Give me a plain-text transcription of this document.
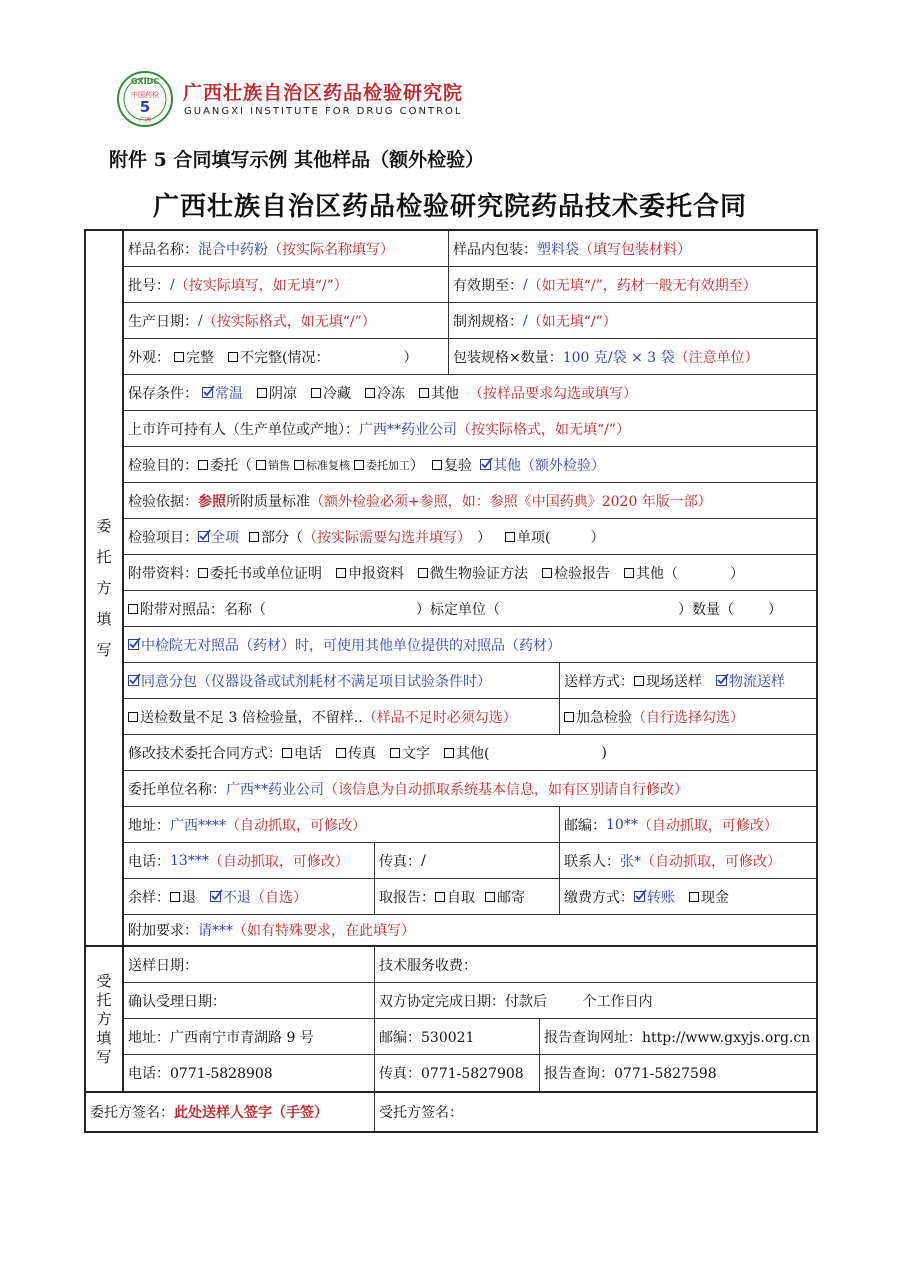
GXIDC
中国药检
5
广西
广西壮族自治区药品检验研究院
GUANGXI INSTITUTE FOR DRUG CONTROL
附件 5 合同填写示例 其他样品（额外检验）
广西壮族自治区药品检验研究院药品技术委托合同
委
托
方
填
写
样品名称： 混合中药粉 （按实际名称填写）	样品内包装： 塑料袋 （填写包装材料）
批号： / （按实际填写，如无填“/”）	有效期至： / （如无填“/”，药材一般无有效期至）
生产日期： / （按实际格式，如无填“/”）	制剂规格： / （如无填“/”）
外观： 完整 不完整(情况：	）	包装规格×数量： 100 克/袋 × 3 袋 （注意单位）
保存条件： 常温 阴凉 冷藏 冷冻 其他 （按样品要求勾选或填写）
上市许可持有人（生产单位或产地）： 广西**药业公司 （按实际格式，如无填“/”）
检验目的： 委托（ 销售 标准复核 委托加工 ） 复验 其他（额外检验）
检验依据： 参照 所附质量标准 （额外检验必须+参照，如：参照《中国药典》2020 年版一部）
检验项目： 全项 部分（ （按实际需要勾选并填写） ） 单项(	）
附带资料： 委托书或单位证明 申报资料 微生物验证方法 检验报告 其他（	）
附带对照品：名称（	）标定单位（	）数量（ ）
中检院无对照品（药材）时，可使用其他单位提供的对照品（药材）
同意分包（仪器设备或试剂耗材不满足项目试验条件时）	送样方式： 现场送样 物流送样
送检数量不足 3 倍检验量，不留样.. （样品不足时必须勾选）	加急检验 （自行选择勾选）
修改技术委托合同方式： 电话 传真 文字 其他(	)
委托单位名称： 广西**药业公司 （该信息为自动抓取系统基本信息，如有区别请自行修改）
地址： 广西**** （自动抓取，可修改）	邮编： 10** （自动抓取，可修改）
电话： 13*** （自动抓取，可修改） 传真： /	联系人： 张* （自动抓取，可修改）
余样： 退 不退 （自选）	取报告： 自取 邮寄	缴费方式： 转账 现金
附加要求： 请*** （如有特殊要求，在此填写）
受
托
方
填
写
送样日期：	技术服务收费：
确认受理日期：	双方协定完成日期：付款后        个工作日内
地址：广西南宁市青湖路 9 号	邮编：530021	报告查询网址：http://www.gxyjs.org.cn
电话：0771-5828908	传真：0771-5827908	报告查询：0771-5827598
委托方签名： 此处送样人签字（手签）	受托方签名：
